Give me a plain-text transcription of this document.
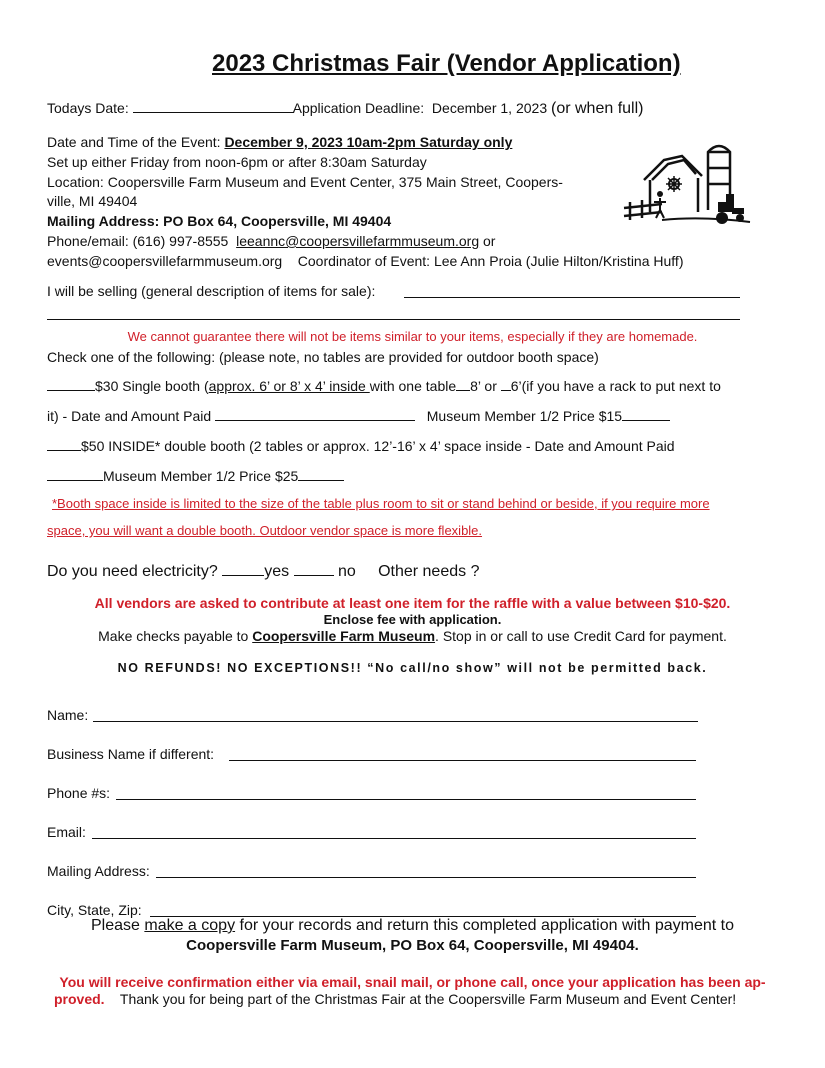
2023 Christmas Fair (Vendor Application)
Todays Date:	Application Deadline: December 1, 2023 (or when full)
Date and Time of the Event: December 9, 2023 10am-2pm Saturday only
Set up either Friday from noon-6pm or after 8:30am Saturday
Location: Coopersville Farm Museum and Event Center, 375 Main Street, Coopers-
ville, MI 49404
Mailing Address: PO Box 64, Coopersville, MI 49404
Phone/email: (616) 997-8555 leeannc@coopersvillefarmmuseum.org or
events@coopersvillefarmmuseum.org Coordinator of Event: Lee Ann Proia (Julie Hilton/Kristina Huff)
I will be selling (general description of items for sale):
We cannot guarantee there will not be items similar to your items, especially if they are homemade.
Check one of the following: (please note, no tables are provided for outdoor booth space)
$30 Single booth (approx. 6’ or 8’ x 4’ inside with one table 8’ or 6’(if you have a rack to put next to
it) - Date and Amount Paid	Museum Member 1/2 Price $15
$50 INSIDE* double booth (2 tables or approx. 12’-16’ x 4’ space inside - Date and Amount Paid
Museum Member 1/2 Price $25
*Booth space inside is limited to the size of the table plus room to sit or stand behind or beside, if you require more
space, you will want a double booth. Outdoor vendor space is more flexible.
Do you need electricity?	yes	no Other needs ?
All vendors are asked to contribute at least one item for the raffle with a value between $10-$20.
Enclose fee with application.
Make checks payable to Coopersville Farm Museum. Stop in or call to use Credit Card for payment.
NO REFUNDS! NO EXCEPTIONS!! “No call/no show” will not be permitted back.
Name:
Business Name if different:
Phone #s:
Email:
Mailing Address:
City, State, Zip:
Please make a copy for your records and return this completed application with payment to
Coopersville Farm Museum, PO Box 64, Coopersville, MI 49404.
You will receive confirmation either via email, snail mail, or phone call, once your application has been ap-
proved. Thank you for being part of the Christmas Fair at the Coopersville Farm Museum and Event Center!
